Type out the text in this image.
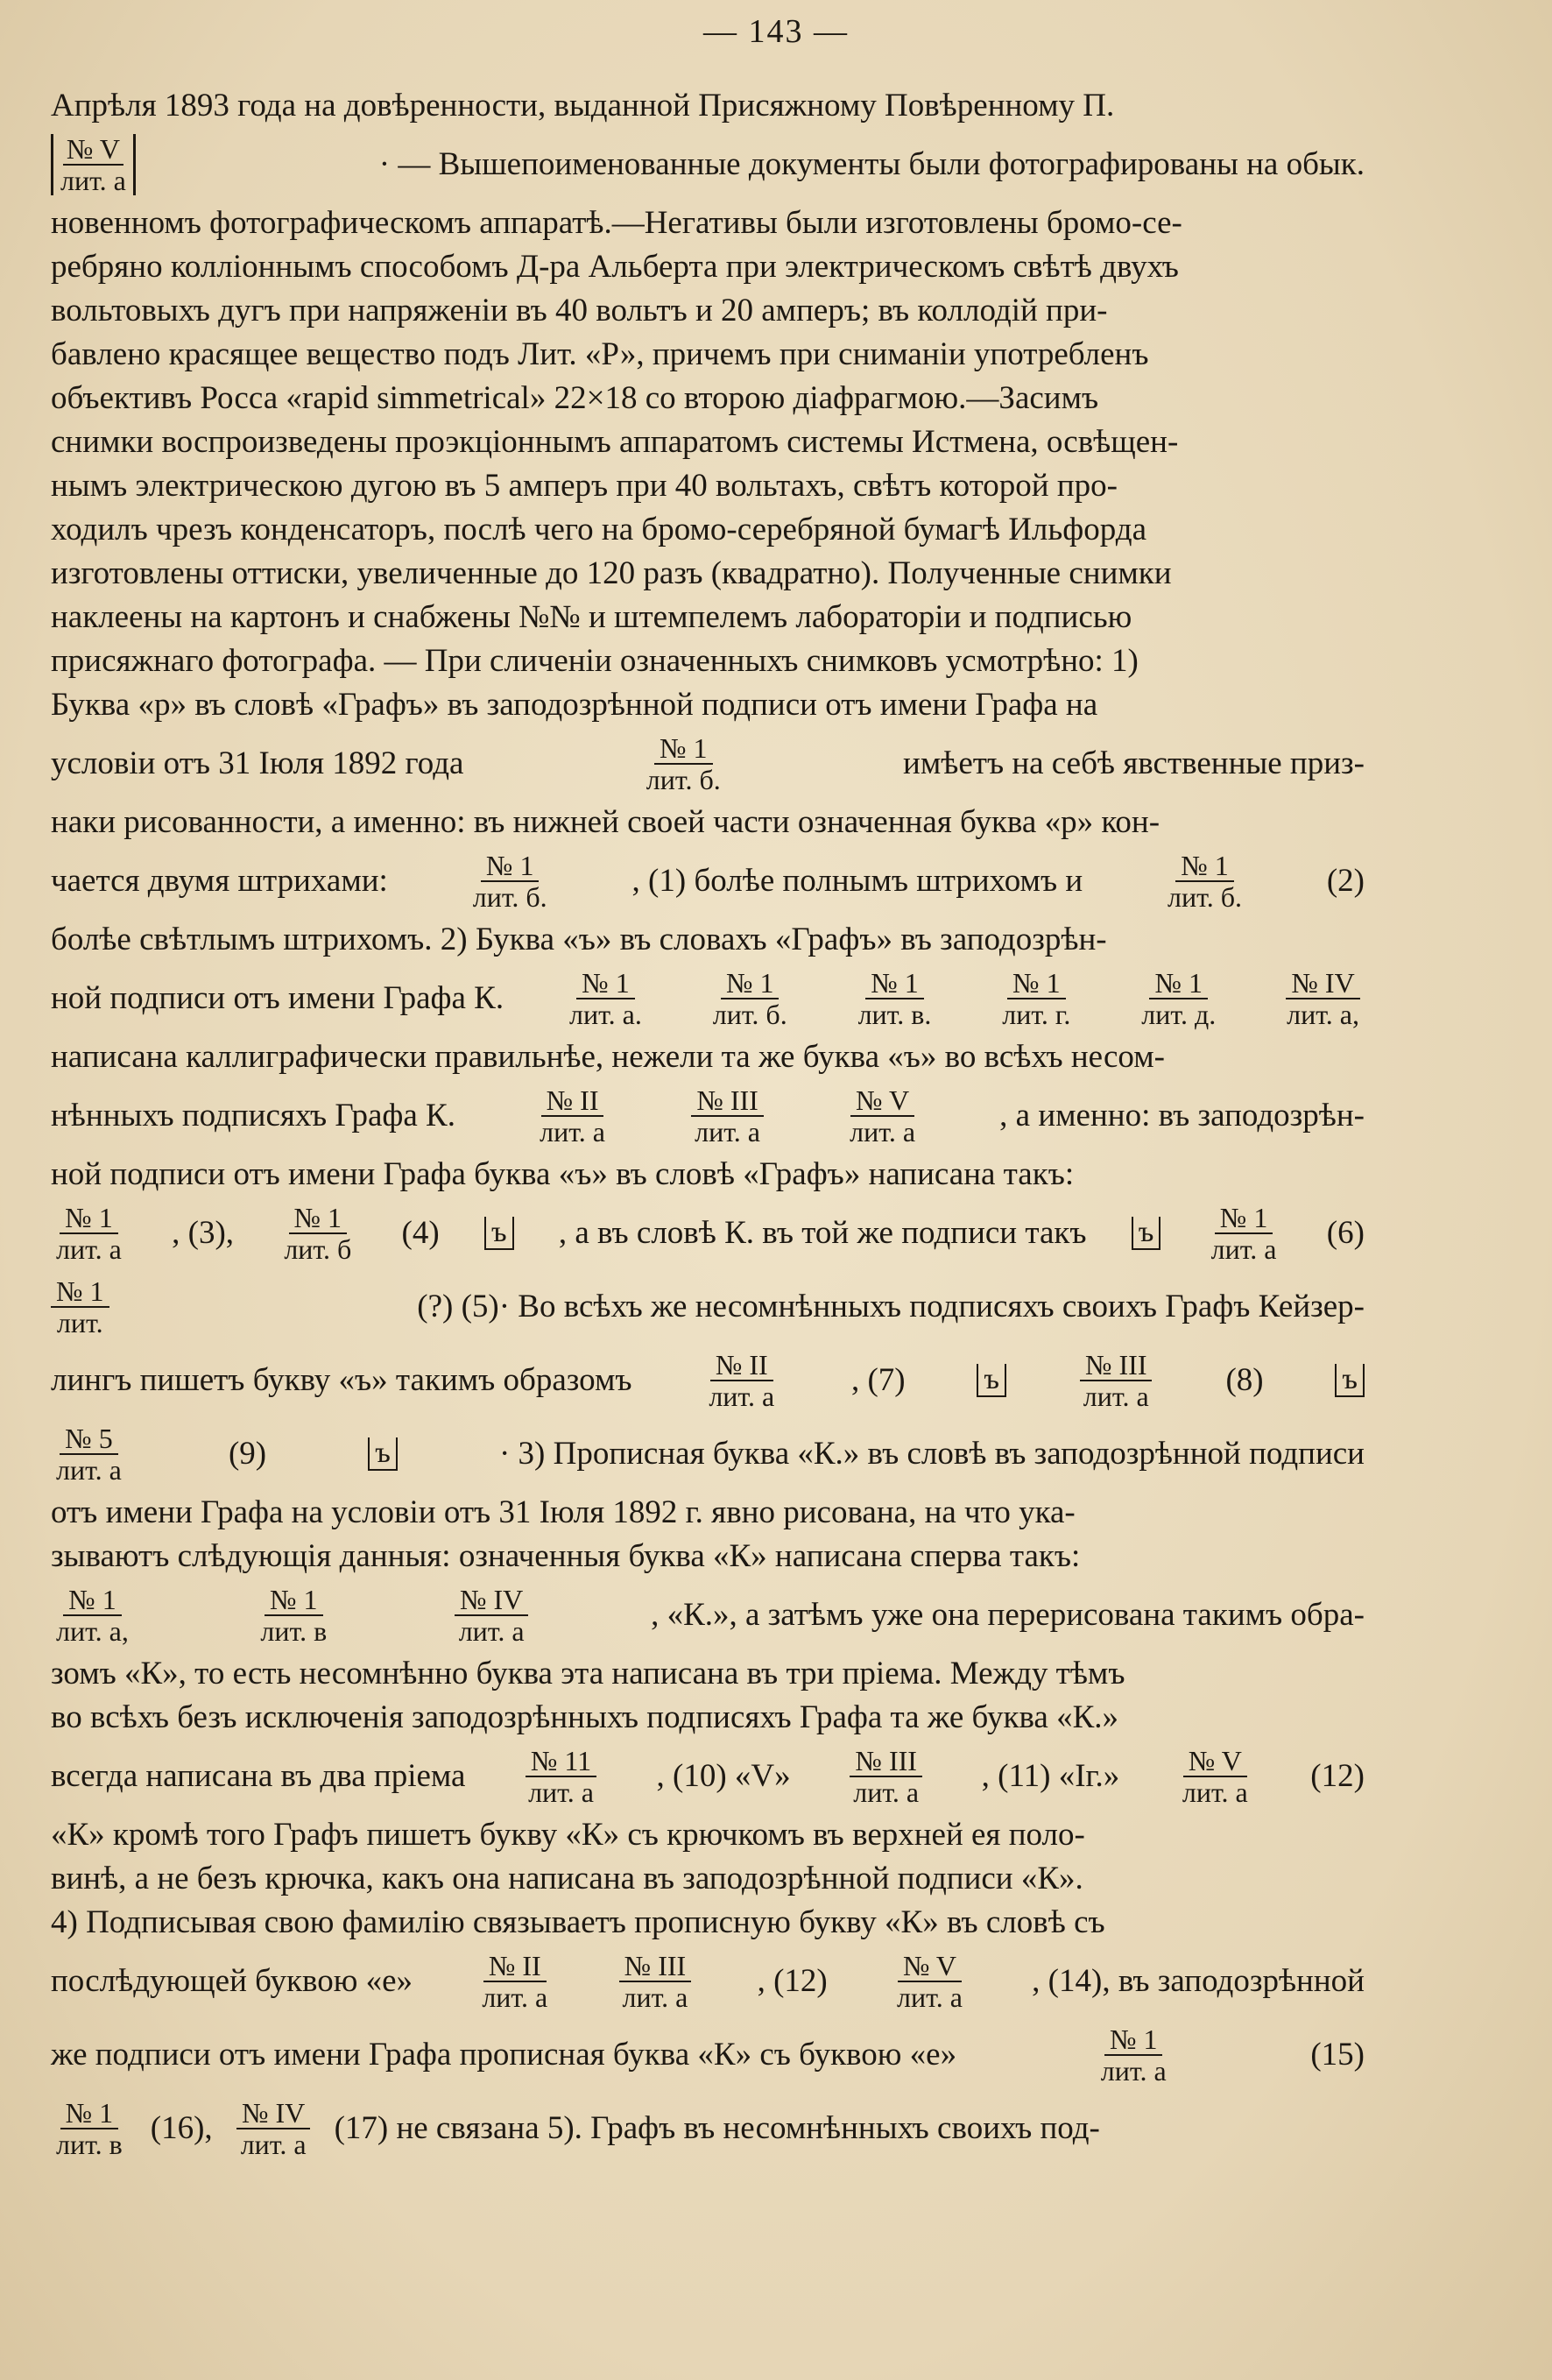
— 143 —
Апрѣля 1893 года на довѣренности, выданной Присяжному Повѣренному П.
$\frac{№ V}{\text{лит. а}}$	· — Вышепоименованные документы были фотографированы на обык.
новенномъ фотографическомъ аппаратѣ.—Негативы были изготовлены бромо-се-
ребряно коллiоннымъ способомъ Д-ра Альберта при электрическомъ свѣтѣ двухъ
вольтовыхъ дугъ при напряженiи въ 40 вольтъ и 20 амперъ; въ коллодiй при-
бавлено красящее вещество подъ Лит. «Р», причемъ при сниманiи употребленъ
объективъ Росса «rapid simmetrical» 22×18 со второю дiафрагмою.—Засимъ
снимки воспроизведены проэкцiоннымъ аппаратомъ системы Истмена, освѣщен-
нымъ электрическою дугою въ 5 амперъ при 40 вольтахъ, свѣтъ которой про-
ходилъ чрезъ конденсаторъ, послѣ чего на бромо-серебряной бумагѣ Ильфорда
изготовлены оттиски, увеличенные до 120 разъ (квадратно). Полученные снимки
наклеены на картонъ и снабжены №№ и штемпелемъ лабораторiи и подписью
присяжнаго фотографа. — При сличенiи означенныхъ снимковъ усмотрѣно: 1)
Буква «р» въ словѣ «Графъ» въ заподозрѣнной подписи отъ имени Графа на
условiи отъ 31 Iюля 1892 года	$\frac{№ 1}{\text{лит. б.}}$	имѣетъ на себѣ явственные приз-
наки рисованности, а именно: въ нижней своей части означенная буква «р» кон-
чается двумя штрихами:	$\frac{№ 1}{\text{лит. б.}}$ , (1) болѣе полнымъ штрихомъ и	$\frac{№ 1}{\text{лит. б.}} (2)$
болѣе свѣтлымъ штрихомъ. 2) Буква «ъ» въ словахъ «Графъ» въ заподозрѣн-
ной подписи отъ имени Графа К. $\frac{№ 1}{\text{лит. а.}} \frac{№ 1}{\text{лит. б.}} \frac{№ 1}{\text{лит. в.}} \frac{№ 1}{\text{лит. г.}} \frac{№ 1}{\text{лит. д.}} \frac{№ IV}{\text{лит. а,}}$
написана каллиграфически правильнѣе, нежели та же буква «ъ» во всѣхъ несом-
нѣнныхъ подписяхъ Графа К.	$\frac{№ II}{\text{лит. а}}$	$\frac{\text{№ III}}{\text{лит. а}}$	$\frac{№ V}{\text{лит. а}}$ , а именно: въ заподозрѣн-
ной подписи отъ имени Графа буква «ъ» въ словѣ «Графъ» написана такъ:
$\frac{№ 1}{\text{лит. а}}$ , (3), $\frac{№ 1}{\text{лит. б}} (4)$ ъ , а въ словѣ К. въ той же подписи такъ ъ $\frac{№ 1}{\text{лит. а}} (6)$
$\frac{№ 1}{\text{лит.}}$	(?) (5)· Во всѣхъ же несомнѣнныхъ подписяхъ своихъ Графъ Кейзер-
лингъ пишетъ букву «ъ» такимъ образомъ	$\frac{№ II}{\text{лит. а}}$ , (7)	ъ	$\frac{\text{№ III}}{\text{лит. а}} (8)$	ъ
$\frac{№ 5}{\text{лит. а}}$	(9)	ъ	· 3) Прописная буква «К.» въ словѣ въ заподозрѣнной подписи
отъ имени Графа на условiи отъ 31 Iюля 1892 г. явно рисована, на что ука-
зываютъ слѣдующiя данныя: означенныя буква «К» написана сперва такъ:
$\frac{№ 1}{\text{лит. а,}}$	$\frac{№ 1}{\text{лит. в}}$	$\frac{№ IV}{\text{лит. а}}$	, «К.», а затѣмъ уже она перерисована такимъ обра-
зомъ «К», то есть несомнѣнно буква эта написана въ три прiема. Между тѣмъ
во всѣхъ безъ исключенiя заподозрѣнныхъ подписяхъ Графа та же буква «К.»
всегда написана въ два прiема $\frac{№ 11}{\text{лит. а}}$ , (10) «V» $\frac{\text{№ III}}{\text{лит. а}}$ , (11) «Iг.» $\frac{№ V}{\text{лит. а}} (12)$
«К» кромѣ того Графъ пишетъ букву «К» съ крючкомъ въ верхней ея поло-
винѣ, а не безъ крючка, какъ она написана въ заподозрѣнной подписи «К».
4) Подписывая свою фамилiю связываетъ прописную букву «К» въ словѣ съ
послѣдующей буквою «е» $\frac{№ II}{\text{лит. а}} \frac{\text{№ III}}{\text{лит. а}}$ , $(12) \frac{№ V}{\text{лит. а}}$ , (14), въ заподозрѣнной
же подписи отъ имени Графа прописная буква «К» съ буквою «е»	$\frac{№ 1}{\text{лит. а}}$	(15)
$\frac{№ 1}{\text{лит. в}} (16)$, $\frac{№ IV}{\text{лит. а}} (17)$ не связана 5). Графъ въ несомнѣнныхъ своихъ под-
